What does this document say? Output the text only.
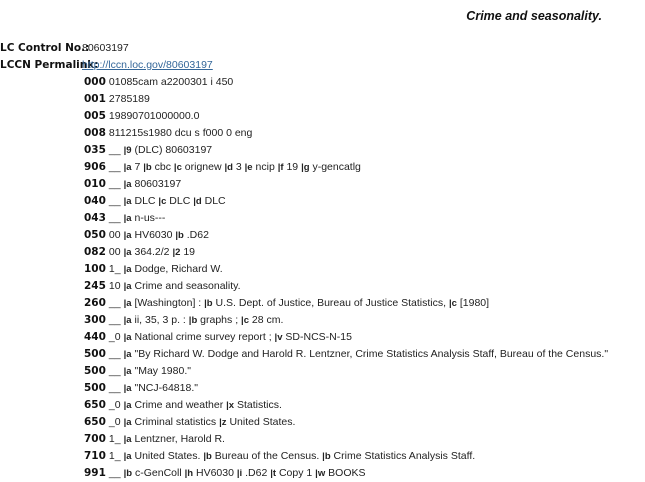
Crime and seasonality.
LC Control No.:80603197
LCCN Permalink:http://lccn.loc.gov/80603197
000 01085cam a2200301 i 450
001 2785189
005 19890701000000.0
008 811215s1980 dcu s f000 0 eng
035 __ |9 (DLC) 80603197
906 __ |a 7 |b cbc |c orignew |d 3 |e ncip |f 19 |g y-gencatlg
010 __ |a 80603197
040 __ |a DLC |c DLC |d DLC
043 __ |a n-us---
050 00 |a HV6030 |b .D62
082 00 |a 364.2/2 |2 19
100 1_ |a Dodge, Richard W.
245 10 |a Crime and seasonality.
260 __ |a [Washington] : |b U.S. Dept. of Justice, Bureau of Justice Statistics, |c [1980]
300 __ |a ii, 35, 3 p. : |b graphs ; |c 28 cm.
440 _0 |a National crime survey report ; |v SD-NCS-N-15
500 __ |a "By Richard W. Dodge and Harold R. Lentzner, Crime Statistics Analysis Staff, Bureau of the Census."
500 __ |a "May 1980."
500 __ |a "NCJ-64818."
650 _0 |a Crime and weather |x Statistics.
650 _0 |a Criminal statistics |z United States.
700 1_ |a Lentzner, Harold R.
710 1_ |a United States. |b Bureau of the Census. |b Crime Statistics Analysis Staff.
991 __ |b c-GenColl |h HV6030 |i .D62 |t Copy 1 |w BOOKS
